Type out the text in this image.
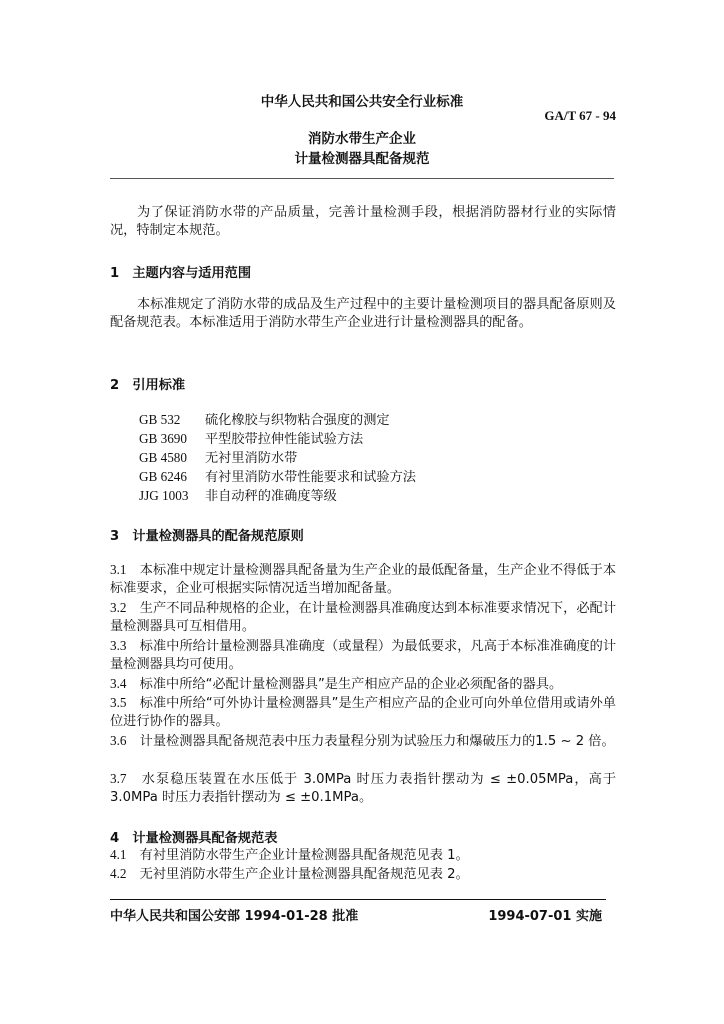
中华人民共和国公共安全行业标准
GA/T 67 - 94
消防水带生产企业
计量检测器具配备规范
为了保证消防水带的产品质量，完善计量检测手段，根据消防器材行业的实际情况，特制定本规范。
1　主题内容与适用范围
本标准规定了消防水带的成品及生产过程中的主要计量检测项目的器具配备原则及配备规范表。本标准适用于消防水带生产企业进行计量检测器具的配备。
2　引用标准
GB 532 硫化橡胶与织物粘合强度的测定
GB 3690 平型胶带拉伸性能试验方法
GB 4580 无衬里消防水带
GB 6246 有衬里消防水带性能要求和试验方法
JJG 1003 非自动秤的准确度等级
3　计量检测器具的配备规范原则
3.1　 本标准中规定计量检测器具配备量为生产企业的最低配备量，生产企业不得低于本标准要求，企业可根据实际情况适当增加配备量。
3.2　 生产不同品种规格的企业，在计量检测器具准确度达到本标准要求情况下，必配计量检测器具可互相借用。
3.3　 标准中所给计量检测器具准确度（或量程）为最低要求，凡高于本标准准确度的计量检测器具均可使用。
3.4　 标准中所给“必配计量检测器具”是生产相应产品的企业必须配备的器具。
3.5　 标准中所给“可外协计量检测器具”是生产相应产品的企业可向外单位借用或请外单位进行协作的器具。
3.6　 计量检测器具配备规范表中压力表量程分别为试验压力和爆破压力的1.5 ~ 2 倍。
3.7　 水泵稳压装置在水压低于 3.0MPa 时压力表指针摆动为 ≤ ±0.05MPa，高于3.0MPa 时压力表指针摆动为 ≤ ±0.1MPa。
4　计量检测器具配备规范表
4.1　 有衬里消防水带生产企业计量检测器具配备规范见表 1。
4.2　 无衬里消防水带生产企业计量检测器具配备规范见表 2。
中华人民共和国公安部 1994-01-28 批准	1994-07-01 实施
